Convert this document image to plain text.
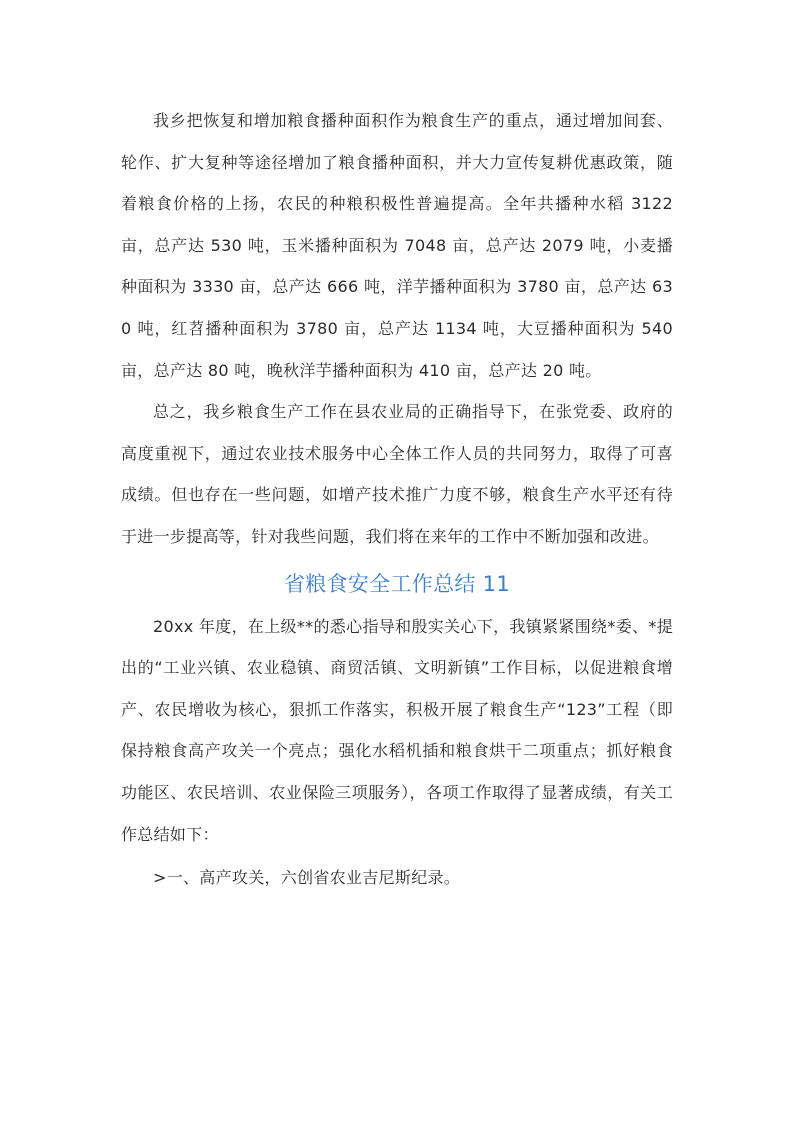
我乡把恢复和增加粮食播种面积作为粮食生产的重点，通过增加间套、轮作、扩大复种等途径增加了粮食播种面积，并大力宣传复耕优惠政策，随着粮食价格的上扬，农民的种粮积极性普遍提高。全年共播种水稻 3122 亩，总产达 530 吨，玉米播种面积为 7048 亩，总产达 2079 吨，小麦播种面积为 3330 亩，总产达 666 吨，洋芋播种面积为 3780 亩，总产达 630 吨，红苕播种面积为 3780 亩，总产达 1134 吨，大豆播种面积为 540 亩，总产达 80 吨，晚秋洋芋播种面积为 410 亩，总产达 20 吨。

总之，我乡粮食生产工作在县农业局的正确指导下，在张党委、政府的高度重视下，通过农业技术服务中心全体工作人员的共同努力，取得了可喜成绩。但也存在一些问题，如增产技术推广力度不够，粮食生产水平还有待于进一步提高等，针对我些问题，我们将在来年的工作中不断加强和改进。

省粮食安全工作总结 11

20xx 年度，在上级**的悉心指导和殷实关心下，我镇紧紧围绕*委、*提出的“工业兴镇、农业稳镇、商贸活镇、文明新镇”工作目标，以促进粮食增产、农民增收为核心，狠抓工作落实，积极开展了粮食生产“123”工程（即保持粮食高产攻关一个亮点；强化水稻机插和粮食烘干二项重点；抓好粮食功能区、农民培训、农业保险三项服务），各项工作取得了显著成绩，有关工作总结如下：

>一、高产攻关，六创省农业吉尼斯纪录。
